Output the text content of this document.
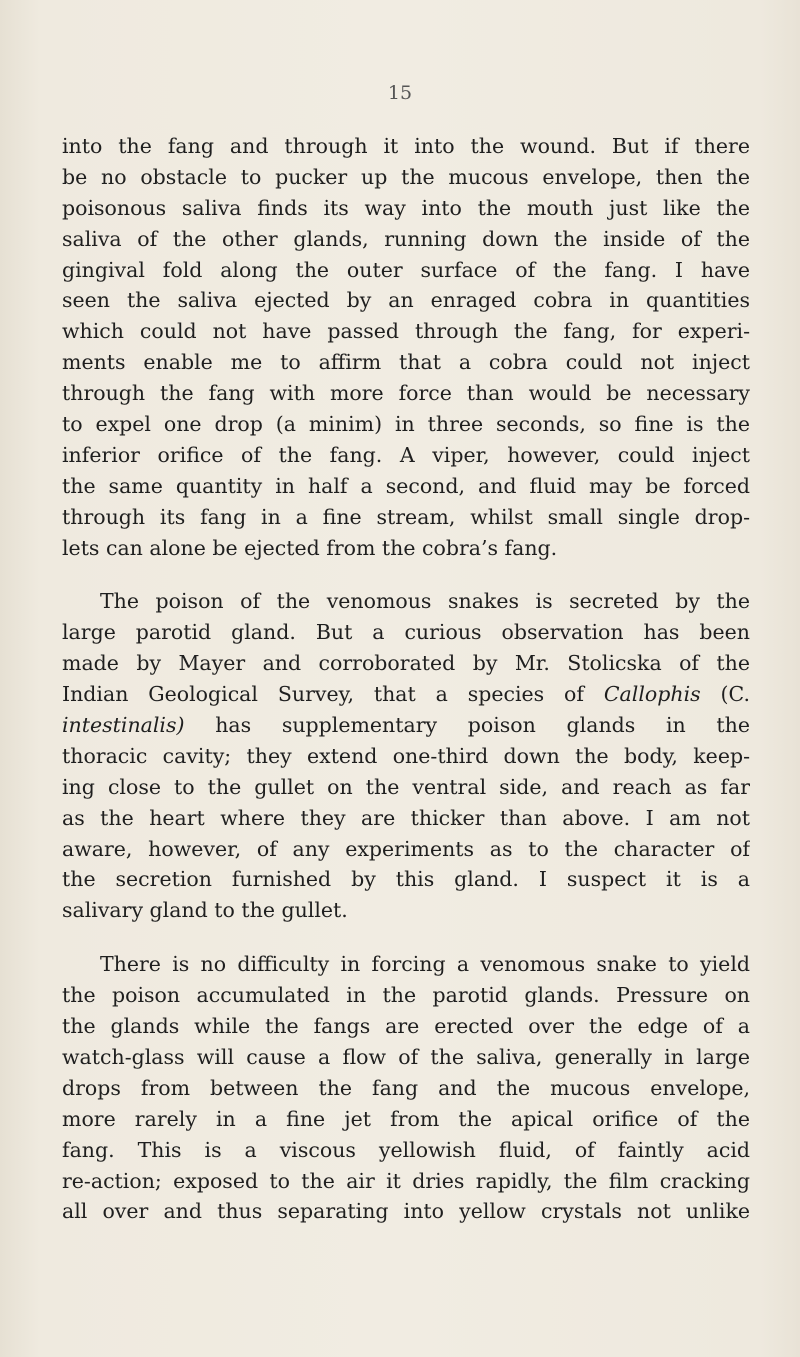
15
into the fang and through it into the wound. But if there
be no obstacle to pucker up the mucous envelope, then the
poisonous saliva finds its way into the mouth just like the
saliva of the other glands, running down the inside of the
gingival fold along the outer surface of the fang. I have
seen the saliva ejected by an enraged cobra in quantities
which could not have passed through the fang, for experi-
ments enable me to affirm that a cobra could not inject
through the fang with more force than would be necessary
to expel one drop (a minim) in three seconds, so fine is the
inferior orifice of the fang. A viper, however, could inject
the same quantity in half a second, and fluid may be forced
through its fang in a fine stream, whilst small single drop-
lets can alone be ejected from the cobra’s fang.
The poison of the venomous snakes is secreted by the
large parotid gland. But a curious observation has been
made by Mayer and corroborated by Mr. Stolicska of the
Indian Geological Survey, that a species of Callophis (C.
intestinalis) has supplementary poison glands in the
thoracic cavity; they extend one-third down the body, keep-
ing close to the gullet on the ventral side, and reach as far
as the heart where they are thicker than above. I am not
aware, however, of any experiments as to the character of
the secretion furnished by this gland. I suspect it is a
salivary gland to the gullet.
There is no difficulty in forcing a venomous snake to yield
the poison accumulated in the parotid glands. Pressure on
the glands while the fangs are erected over the edge of a
watch-glass will cause a flow of the saliva, generally in large
drops from between the fang and the mucous envelope,
more rarely in a fine jet from the apical orifice of the
fang. This is a viscous yellowish fluid, of faintly acid
re-action; exposed to the air it dries rapidly, the film cracking
all over and thus separating into yellow crystals not unlike
